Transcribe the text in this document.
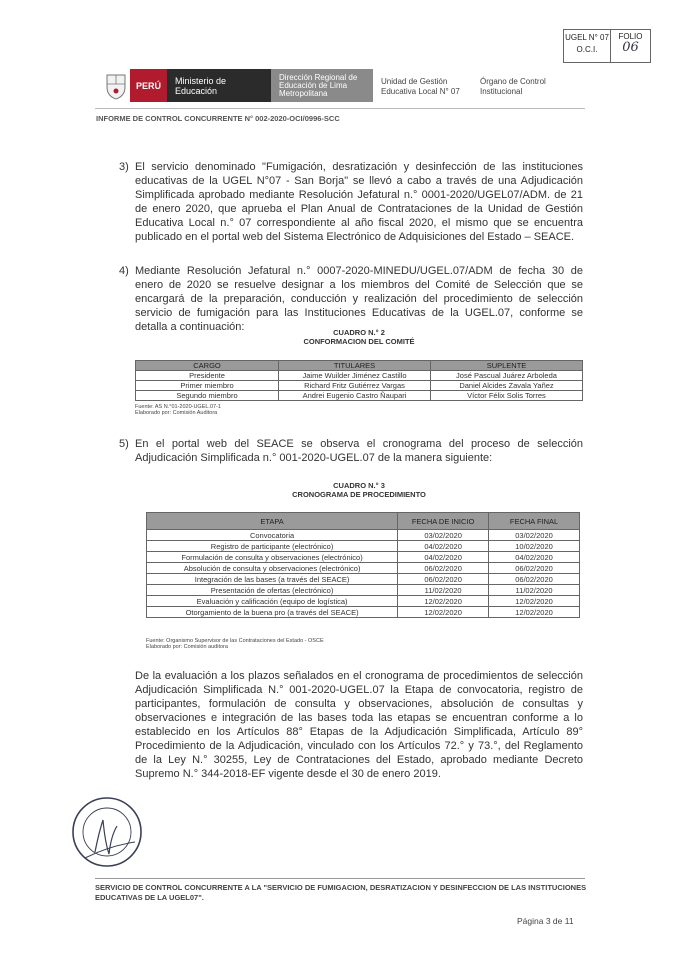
UGEL N° 07
O.C.I.
FOLIO
06
PERÚ	Ministerio de Educación
Dirección Regional de Educación de Lima Metropolitana
Unidad de Gestión Educativa Local N° 07
Órgano de Control Institucional
INFORME DE CONTROL CONCURRENTE N° 002-2020-OCI/0996-SCC
3) El servicio denominado "Fumigación, desratización y desinfección de las instituciones educativas de la UGEL N°07 - San Borja" se llevó a cabo a través de una Adjudicación Simplificada aprobado mediante Resolución Jefatural n.° 0001-2020/UGEL07/ADM. de 21 de enero 2020, que aprueba el Plan Anual de Contrataciones de la Unidad de Gestión Educativa Local n.° 07 correspondiente al año fiscal 2020, el mismo que se encuentra publicado en el portal web del Sistema Electrónico de Adquisiciones del Estado – SEACE.
4) Mediante Resolución Jefatural n.° 0007-2020-MINEDU/UGEL.07/ADM de fecha 30 de enero de 2020 se resuelve designar a los miembros del Comité de Selección que se encargará de la preparación, conducción y realización del procedimiento de selección servicio de fumigación para las Instituciones Educativas de la UGEL.07, conforme se detalla a continuación:	CUADRO N.° 2
CONFORMACION DEL COMITÉ
CARGO	TITULARES	SUPLENTE
Presidente	Jaime Wuilder Jiménez Castillo	José Pascual Juárez Arboleda
Primer miembro	Richard Fritz Gutiérrez Vargas	Daniel Alcides Zavala Yañez
Segundo miembro	Andrei Eugenio Castro Ñaupari	Víctor Félix Solis Torres
Fuente: AS N.°01-2020-UGEL.07-1
Elaborado por: Comisión Auditora
5) En el portal web del SEACE se observa el cronograma del proceso de selección Adjudicación Simplificada n.° 001-2020-UGEL.07 de la manera siguiente:
CUADRO N.° 3
CRONOGRAMA DE PROCEDIMIENTO
ETAPA	FECHA DE INICIO	FECHA FINAL
Convocatoria	03/02/2020	03/02/2020
Registro de participante (electrónico)	04/02/2020	10/02/2020
Formulación de consulta y observaciones (electrónico)	04/02/2020	04/02/2020
Absolución de consulta y observaciones (electrónico)	06/02/2020	06/02/2020
Integración de las bases (a través del SEACE)	06/02/2020	06/02/2020
Presentación de ofertas (electrónico)	11/02/2020	11/02/2020
Evaluación y calificación (equipo de logística)	12/02/2020	12/02/2020
Otorgamiento de la buena pro (a través del SEACE)	12/02/2020	12/02/2020
Fuente: Organismo Supervisor de las Contrataciones del Estado - OSCE
Elaborado por: Comisión auditora
De la evaluación a los plazos señalados en el cronograma de procedimientos de selección Adjudicación Simplificada N.° 001-2020-UGEL.07 la Etapa de convocatoria, registro de participantes, formulación de consulta y observaciones, absolución de consultas y observaciones e integración de las bases toda las etapas se encuentran conforme a lo establecido en los Artículos 88° Etapas de la Adjudicación Simplificada, Artículo 89° Procedimiento de la Adjudicación, vinculado con los Artículos 72.° y 73.°, del Reglamento de la Ley N.° 30255, Ley de Contrataciones del Estado, aprobado mediante Decreto Supremo N.° 344-2018-EF vigente desde el 30 de enero 2019.
SERVICIO DE CONTROL CONCURRENTE A LA "SERVICIO DE FUMIGACION, DESRATIZACION Y DESINFECCION DE LAS INSTITUCIONES EDUCATIVAS DE LA UGEL07".
Página 3 de 11
